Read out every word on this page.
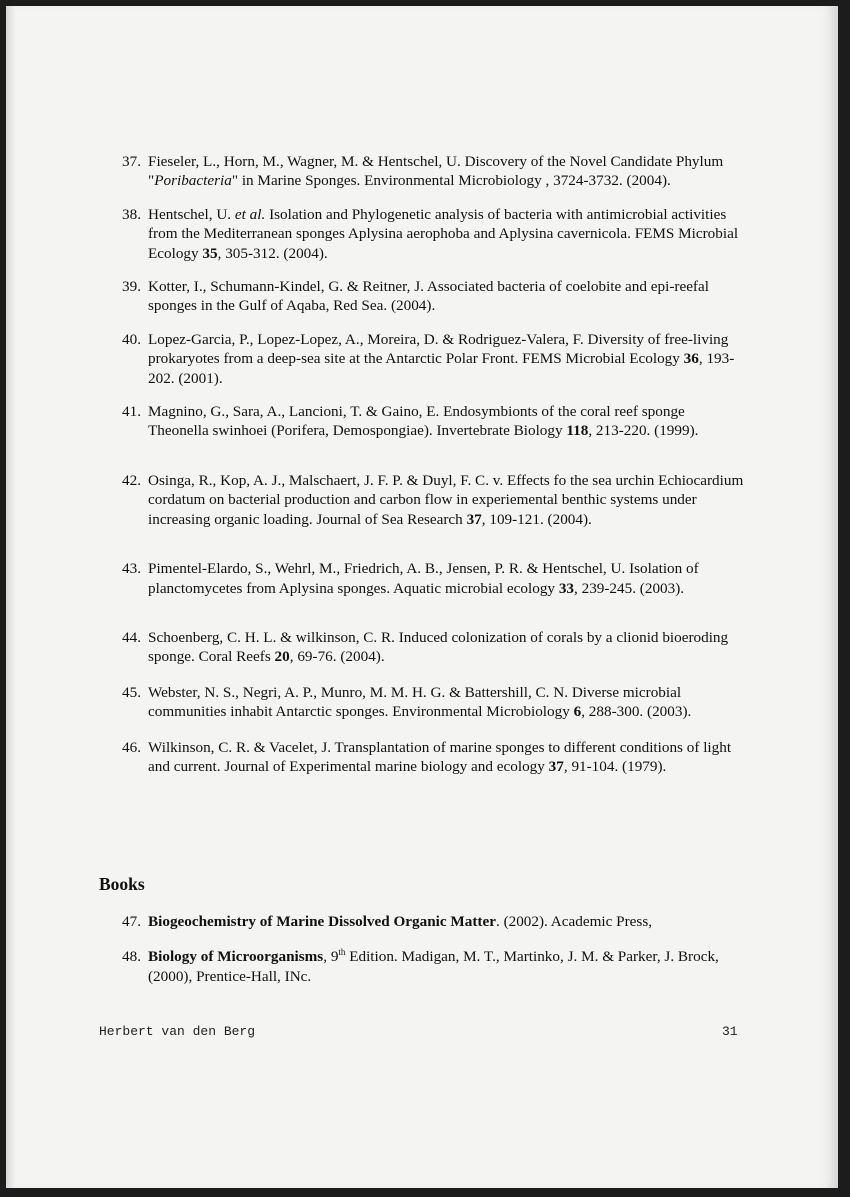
37. Fieseler, L., Horn, M., Wagner, M. & Hentschel, U. Discovery of the Novel Candidate Phylum "Poribacteria" in Marine Sponges. Environmental Microbiology , 3724-3732. (2004).
38. Hentschel, U. et al. Isolation and Phylogenetic analysis of bacteria with antimicrobial activities from the Mediterranean sponges Aplysina aerophoba and Aplysina cavernicola. FEMS Microbial Ecology 35, 305-312. (2004).
39. Kotter, I., Schumann-Kindel, G. & Reitner, J. Associated bacteria of coelobite and epi-reefal sponges in the Gulf of Aqaba, Red Sea. (2004).
40. Lopez-Garcia, P., Lopez-Lopez, A., Moreira, D. & Rodriguez-Valera, F. Diversity of free-living prokaryotes from a deep-sea site at the Antarctic Polar Front. FEMS Microbial Ecology 36, 193-202. (2001).
41. Magnino, G., Sara, A., Lancioni, T. & Gaino, E. Endosymbionts of the coral reef sponge Theonella swinhoei (Porifera, Demospongiae). Invertebrate Biology 118, 213-220. (1999).
42. Osinga, R., Kop, A. J., Malschaert, J. F. P. & Duyl, F. C. v. Effects fo the sea urchin Echiocardium cordatum on bacterial production and carbon flow in experiemental benthic systems under increasing organic loading. Journal of Sea Research 37, 109-121. (2004).
43. Pimentel-Elardo, S., Wehrl, M., Friedrich, A. B., Jensen, P. R. & Hentschel, U. Isolation of planctomycetes from Aplysina sponges. Aquatic microbial ecology 33, 239-245. (2003).
44. Schoenberg, C. H. L. & wilkinson, C. R. Induced colonization of corals by a clionid bioeroding sponge. Coral Reefs 20, 69-76. (2004).
45. Webster, N. S., Negri, A. P., Munro, M. M. H. G. & Battershill, C. N. Diverse microbial communities inhabit Antarctic sponges. Environmental Microbiology 6, 288-300. (2003).
46. Wilkinson, C. R. & Vacelet, J. Transplantation of marine sponges to different conditions of light and current. Journal of Experimental marine biology and ecology 37, 91-104. (1979).
Books
47. Biogeochemistry of Marine Dissolved Organic Matter. (2002). Academic Press,
48. Biology of Microorganisms, 9th Edition. Madigan, M. T., Martinko, J. M. & Parker, J. Brock, (2000), Prentice-Hall, INc.
Herbert van den Berg	31
